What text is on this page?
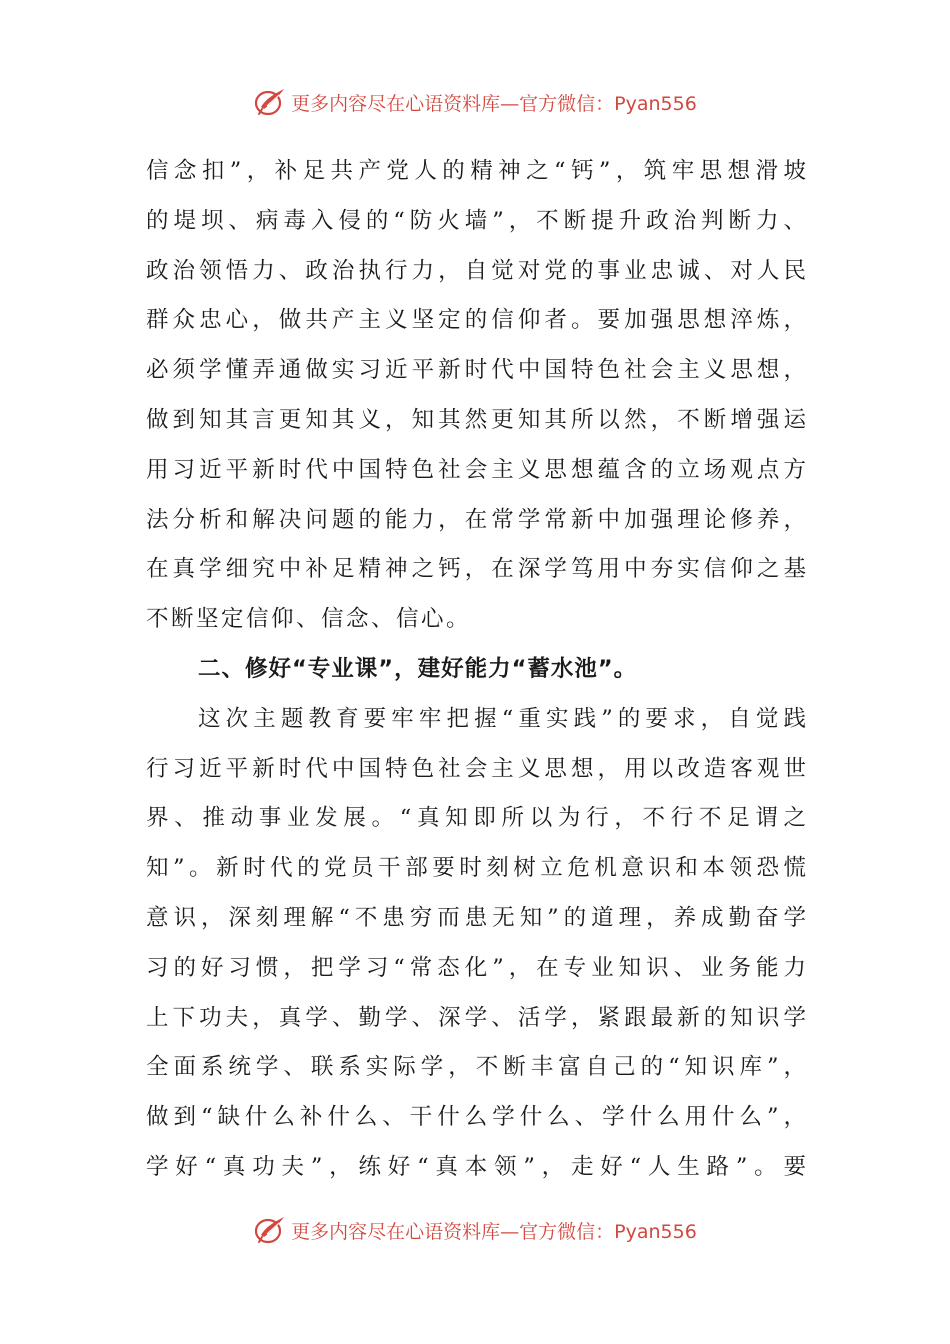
更多内容尽在心语资料库—官方微信：Pyan556
信念扣”，补足共产党人的精神之“钙”，筑牢思想滑坡
的堤坝、病毒入侵的“防火墙”，不断提升政治判断力、
政治领悟力、政治执行力，自觉对党的事业忠诚、对人民
群众忠心，做共产主义坚定的信仰者。要加强思想淬炼，
必须学懂弄通做实习近平新时代中国特色社会主义思想，
做到知其言更知其义，知其然更知其所以然，不断增强运
用习近平新时代中国特色社会主义思想蕴含的立场观点方
法分析和解决问题的能力，在常学常新中加强理论修养，
在真学细究中补足精神之钙，在深学笃用中夯实信仰之基
不断坚定信仰、信念、信心。
二、修好“专业课”，建好能力“蓄水池”。
这次主题教育要牢牢把握“重实践”的要求，自觉践
行习近平新时代中国特色社会主义思想，用以改造客观世
界、推动事业发展。“真知即所以为行，不行不足谓之
知”。新时代的党员干部要时刻树立危机意识和本领恐慌
意识，深刻理解“不患穷而患无知”的道理，养成勤奋学
习的好习惯，把学习“常态化”，在专业知识、业务能力
上下功夫，真学、勤学、深学、活学，紧跟最新的知识学
全面系统学、联系实际学，不断丰富自己的“知识库”，
做到“缺什么补什么、干什么学什么、学什么用什么”，
学好“真功夫”，练好“真本领”，走好“人生路”。要
更多内容尽在心语资料库—官方微信：Pyan556
